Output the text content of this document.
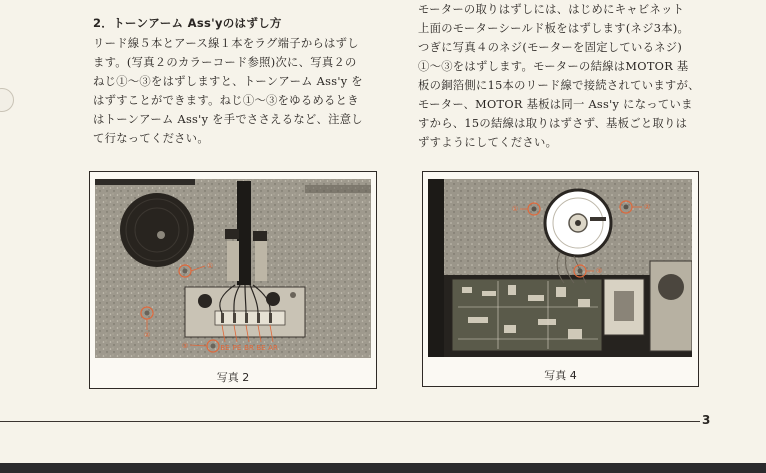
2．トーンアーム Ass'yのはずし方
リード線５本とアース線１本をラグ端子からはずし
ます。(写真２のカラーコード参照)次に、写真２の
ねじ①～③をはずしますと、トーンアーム Ass'y を
はずすことができます。ねじ①～③をゆるめるとき
はトーンアーム Ass'y を手でささえるなど、注意し
て行なってください。
モーターの取りはずしには、はじめにキャビネット
上面のモーターシールド板をはずします(ネジ3本)。
つぎに写真４のネジ(モーターを固定しているネジ)
①～③をはずします。モーターの結線はMOTOR 基
板の銅箔側に15本のリード線で接続されていますが、
モーター、MOTOR 基板は同一 Ass'y になっていま
すから、15の結線は取りはずさず、基板ごと取りは
ずすようにしてください。
①
②
③	BE PE BR BE AR
写真 2
①	②
③
写真 4
3
